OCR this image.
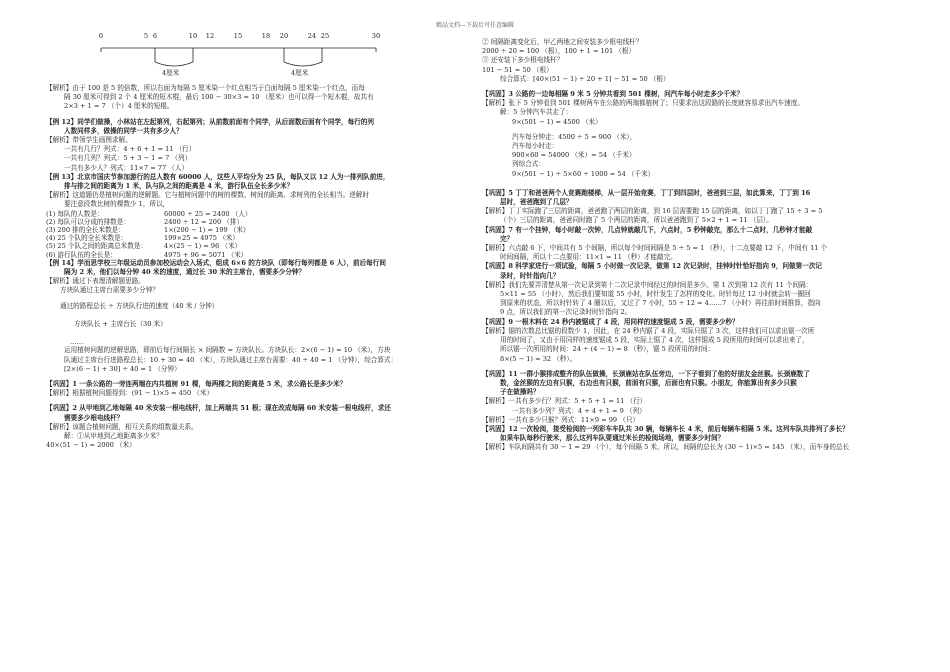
精品文档---下载后可任意编辑
0	5 6	10 12	15	18 20	24 25	30
4厘米	4厘米

【解析】由于 100 是 5 的倍数，所以右面为每隔 5 厘米染一个红点相当于白面每隔 5 厘米染一个红点，而每

隔 30 厘米可得到 2 个 4 厘米的短木棍，最后 100 − 30×3 = 10 （厘米）也可以得一个短木棍，故共有

2×3 + 1 = 7 （个）4 厘米的短棍。

【例 12】同学们做操，小林站在左起第列，右起第列；从前数前面有个同学，从后面数后面有个同学，每行的列

人数同样多，做操的同学一共有多少人？

【解析】带领学生画图求解。

一共有几行？列式：4 + 6 + 1 = 11 （行）

一共有几列？列式：5 + 3 − 1 = 7 （列）

一共有多少人？列式：11×7 = 77 （人）

【例 13】北京市国庆节参加游行的总人数有 60000 人，这些人平均分为 25 队，每队又以 12 人为一排列队前进，

排与排之间的距离为 1 米，队与队之间的距离是 4 米，游行队伍全长多少米？

【解析】这道题仍是植树问题的逆解题。它与植树问题中的树的棵数、树间的距离、求树列的全长相当。逆解时

要注意段数比树的棵数少 1，所以，

(1) 每队的人数是：	60000 ÷ 25 = 2400 （人）
(2) 每队可以分成的排数是：	2400 ÷ 12 = 200 （排）
(3) 200 排的全长米数是：	1×(200 − 1) = 199 （米）
(4) 25 个队的全长米数是：	199×25 = 4975 （米）
(5) 25 个队之间的距离总米数是：	4×(25 − 1) = 96 （米）
(6) 游行队伍的全长是：	4975 + 96 = 5071 （米）

【例 14】学而思学校三年级运动员参加校运动会入场式，组成 6×6 的方块队（即每行每列都是 6 人），前后每行间

隔为 2 米，他们以每分钟 40 米的速度，通过长 30 米的主席台，需要多少分钟？

【解析】通过下表理清解题思路。

方块队通过主席台需要多少分钟？
通过的路程总长 ÷ 方块队行进的速度（40 米 / 分钟）
方块队长 + 主席台长（30 米）
……

运用植树问题的逆解思路，即前后每行间隔长 × 间隔数 = 方块队长。方块队长：2×(6 − 1) = 10 （米），方块

队通过主席台行进路程总长：10 + 30 = 40 （米），方块队通过主席台需要：40 ÷ 40 = 1 （分钟），综合算式：

[2×(6 − 1) + 30] ÷ 40 = 1 （分钟）

【巩固】1 一条公路的一旁连两端在内共植树 91 棵，每两棵之间的距离是 5 米，求公路长是多少米？

【解析】根据植树问题得到：(91 − 1)×5 = 450 （米）

【巩固】2 从甲地到乙地每隔 40 米安装一根电线杆，加上两端共 51 根；现在改成每隔 60 米安装一根电线杆，求还

需要多少根电线杆？

【解析】该题合植树问题，相互关系的组数量关系。

解：①从甲地到乙地距离多少米？

40×(51 − 1) = 2000 （米）

② 间隔距离变化后，甲乙两地之间安装多少根电线杆？

2000 ÷ 20 = 100 （根），100 + 1 = 101 （根）

③ 还安装下多少根电线杆？

101 − 51 = 50 （根）

综合算式：[40×(51 − 1) ÷ 20 + 1] − 51 = 50 （根）

【巩固】3 公路的一边每相隔 9 米 5 分钟共看到 501 棵树，问汽车每小时走多少千米？

【解析】张下 5 分钟看到 501 棵树两车在公路的两端都植树了；只要求出这段路的长度就容易求出汽车速度。

解：5 分钟汽车共走了：

9×(501 − 1) = 4500 （米）

汽车每分钟走：4500 ÷ 5 = 900 （米），

汽车每小时走：

900×60 = 54000 （米）= 54 （千米）

列综合式：

9×(501 − 1) ÷ 5×60 ÷ 1000 = 54 （千米）

【巩固】5 丁丁和爸爸两个人竞赛跑楼梯，从一层开始竞赛，丁丁到四层时，爸爸到三层，如此算来，丁丁到 16

层时，爸爸跑到了几层？

【解析】丁丁实际跑了三层的距离，爸爸跑了两层的距离，到 16 层需要跑 15 层的距离，如以丁丁跑了 15 ÷ 3 = 5

（个）三层的距离，爸爸同时跑了 5 个两层的距离，所以爸爸跑到了 5×2 + 1 = 11 （层）。

【巩固】7 有一个挂钟，每小时敲一次钟，几点钟就敲几下，六点时，5 秒钟敲完，那么十二点时，几秒钟才能敲

完？

【解析】六点敲 6 下，中间共有 5 个间隔，所以每个时间间隔是 5 ÷ 5 = 1 （秒），十二点要敲 12 下，中间有 11 个

时间间隔，所以十二点要用：11×1 = 11 （秒）才能敲完。

【巩固】8 科学家进行一项试验，每隔 5 小时做一次记录，做第 12 次记录时，挂钟时针恰好指向 9，问做第一次记

录时，时针指向几？

【解析】我们先要弄清楚从第一次记录到第十二次记录中间经过的时间是多少。第 1 次到第 12 次有 11 个间隔：

5×11 = 55 （小时），然后我们要知道 55 小时，时针发生了怎样的变化。时针每过 12 小时就会转一圈回

到原来的状态，所以时针转了 4 圈以后，又过了 7 小时，55 ÷ 12 = 4……7 （小时）再往前时间推算，指向

9 点，所以我们的第一次记录时时针指向 2。

【巩固】9 一根木料在 24 秒内被锯成了 4 段，用同样的速度锯成 5 段，需要多少秒？

【解析】锯的次数总比锯的段数少 1，因此，在 24 秒内锯了 4 段，实际只锯了 3 次，这样我们可以求出锯一次所

用的时间了，又由于用同样的速度锯成 5 段，实际上锯了 4 次，这样锯成 5 段所用的时间可以求出来了，

所以锯一次所用的时间：24 ÷ (4 − 1) = 8 （秒），锯 5 段所用的时间：

8×(5 − 1) = 32 （秒）。

【巩固】11 一群小猴排成整齐的队伍做操，长颈鹿站在队伍旁边，一下子看到了他的好朋友金丝猴。长颈鹿数了

数，金丝猴的左边有只猴，右边也有只猴，前面有只猴，后面也有只猴。小朋友，你能算出有多少只猴

子在做操吗？

【解析】一共有多少行？列式：5 + 5 + 1 = 11 （行）

一共有多少列？列式：4 + 4 + 1 = 9 （列）

【解析】一共有多少只猴？列式：11×9 = 99 （只）

【巩固】12 一次检阅，接受检阅的一列彩车车队共 30 辆，每辆车长 4 米，前后每辆车相隔 5 米。这列车队共排列了多长？

如果车队每秒行驶米，那么这列车队要通过米长的检阅场地，需要多少时间？

【解析】车队间隔共有 30 − 1 = 29 （个），每个间隔 5 米，所以，间隔的总长为 (30 − 1)×5 = 145 （米），而车身的总长
